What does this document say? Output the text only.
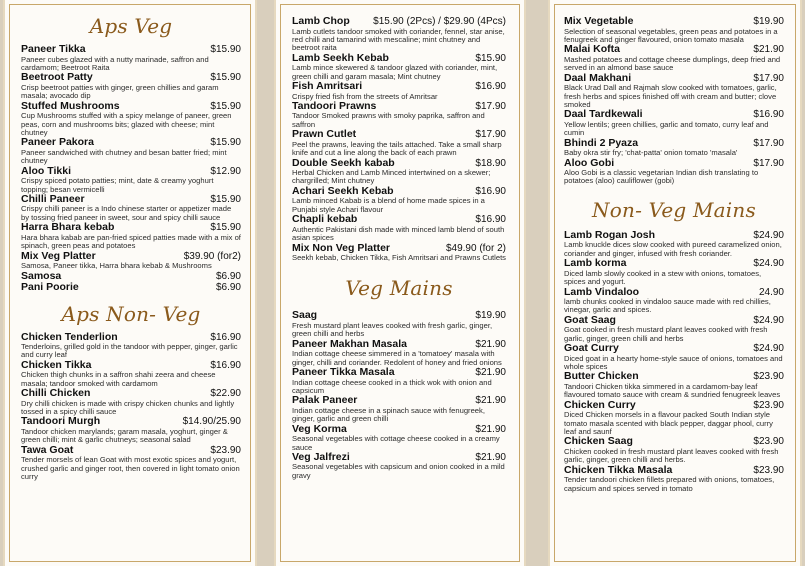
Aps Veg
Paneer Tikka	$15.90
Paneer cubes glazed with a nutty marinade, saffron and cardamom; Beetroot Raita
Beetroot Patty	$15.90
Crisp beetroot patties with ginger, green chillies and garam masala; avocado dip
Stuffed Mushrooms	$15.90
Cup Mushrooms stuffed with a spicy melange of paneer, green peas, corn and mushrooms bits; glazed with cheese; mint chutney
Paneer Pakora	$15.90
Paneer sandwiched with chutney and besan batter fried; mint chutney
Aloo Tikki	$12.90
Crispy spiced potato patties; mint, date & creamy yoghurt topping; besan vermicelli
Chilli Paneer	$15.90
Crispy chilli paneer is a Indo chinese starter or appetizer made by tossing fried paneer in sweet, sour and spicy chilli sauce
Harra Bhara kebab	$15.90
Hara bhara kabab are pan-fried spiced patties made with a mix of spinach, green peas and potatoes
Mix Veg Platter	$39.90 (for2)
Samosa, Paneer tikka, Harra bhara kebab & Mushrooms
Samosa	$6.90
Pani Poorie	$6.90
Aps Non- Veg
Chicken Tenderlion	$16.90
Tenderloins, grilled gold in the tandoor with pepper, ginger, garlic and curry leaf
Chicken Tikka	$16.90
Chicken thigh chunks in a saffron shahi zeera and cheese masala; tandoor smoked with cardamom
Chilli Chicken	$22.90
Dry chilli chicken is made with crispy chicken chunks and lightly tossed in a spicy chilli sauce
Tandoori Murgh	$14.90/25.90
Tandoor chicken marylands; garam masala, yoghurt, ginger & green chilli; mint & garlic chutneys; seasonal salad
Tawa Goat	$23.90
Tender morsels of lean Goat with most exotic spices and yogurt, crushed garlic and ginger root, then covered in light tomato onion curry
Lamb Chop $15.90 (2Pcs) / $29.90 (4Pcs)
Lamb cutlets tandoor smoked with coriander, fennel, star anise, red chilli and tamarind with mescaline; mint chutney and beetroot raita
Lamb Seekh Kebab	$15.90
Lamb mince skewered & tandoor glazed with coriander, mint, green chilli and garam masala; Mint chutney
Fish Amritsari	$16.90
Crispy fried fish from the streets of Amritsar
Tandoori Prawns	$17.90
Tandoor Smoked prawns with smoky paprika, saffron and saffron
Prawn Cutlet	$17.90
Peel the prawns, leaving the tails attached. Take a small sharp knife and cut a line along the back of each prawn
Double Seekh kabab	$18.90
Herbal Chicken and Lamb Minced intertwined on a skewer; chargrilled; Mint chutney
Achari Seekh Kebab	$16.90
Lamb minced Kabab is a blend of home made spices in a Punjabi style Achari flavour
Chapli kebab	$16.90
Authentic Pakistani dish made with minced lamb blend of south asian spices
Mix Non Veg Platter	$49.90 (for 2)
Seekh kebab, Chicken Tikka, Fish Amritsari and Prawns Cutlets
Veg Mains
Saag	$19.90
Fresh mustard plant leaves cooked with fresh garlic, ginger, green chilli and herbs
Paneer Makhan Masala	$21.90
Indian cottage cheese simmered in a 'tomatoey' masala with ginger, chilli and coriander. Redolent of honey and fried onions
Paneer Tikka Masala	$21.90
Indian cottage cheese cooked in a thick wok with onion and capsicum
Palak Paneer	$21.90
Indian cottage cheese in a spinach sauce with fenugreek, ginger, garlic and green chilli
Veg Korma	$21.90
Seasonal vegetables with cottage cheese cooked in a creamy sauce
Veg Jalfrezi	$21.90
Seasonal vegetables with capsicum and onion cooked in a mild gravy
Mix Vegetable	$19.90
Selection of seasonal vegetables, green peas and potatoes in a fenugreek and ginger flavoured, onion tomato masala
Malai Kofta	$21.90
Mashed potatoes and cottage cheese dumplings, deep fried and served in an almond base sauce
Daal Makhani	$17.90
Black Urad Dall and Rajmah slow cooked with tomatoes, garlic, fresh herbs and spices finished off with cream and butter; clove smoked
Daal Tardkewali	$16.90
Yellow lentils; green chillies, garlic and tomato, curry leaf and cumin
Bhindi 2 Pyaza	$17.90
Baby okra stir fry; 'chat-patta' onion tomato 'masala'
Aloo Gobi	$17.90
Aloo Gobi is a classic vegetarian Indian dish translating to potatoes (aloo) cauliflower (gobi)
Non- Veg Mains
Lamb Rogan Josh	$24.90
Lamb knuckle dices slow cooked with pureed caramelized onion, coriander and ginger, infused with fresh coriander.
Lamb korma	$24.90
Diced lamb slowly cooked in a stew with onions, tomatoes, spices and yogurt.
Lamb Vindaloo	24.90
lamb chunks cooked in vindaloo sauce made with red chillies, vinegar, garlic and spices.
Goat Saag	$24.90
Goat cooked in fresh mustard plant leaves cooked with fresh garlic, ginger, green chilli and herbs
Goat Curry	$24.90
Diced goat in a hearty home-style sauce of onions, tomatoes and whole spices
Butter Chicken	$23.90
Tandoori Chicken tikka simmered in a cardamom-bay leaf flavoured tomato sauce with cream & sundried fenugreek leaves
Chicken Curry	$23.90
Diced Chicken morsels in a flavour packed South Indian style tomato masala scented with black pepper, daggar phool, curry leaf and saunf
Chicken Saag	$23.90
Chicken cooked in fresh mustard plant leaves cooked with fresh garlic, ginger, green chilli and herbs.
Chicken Tikka Masala	$23.90
Tender tandoori chicken fillets prepared with onions, tomatoes, capsicum and spices served in tomato
